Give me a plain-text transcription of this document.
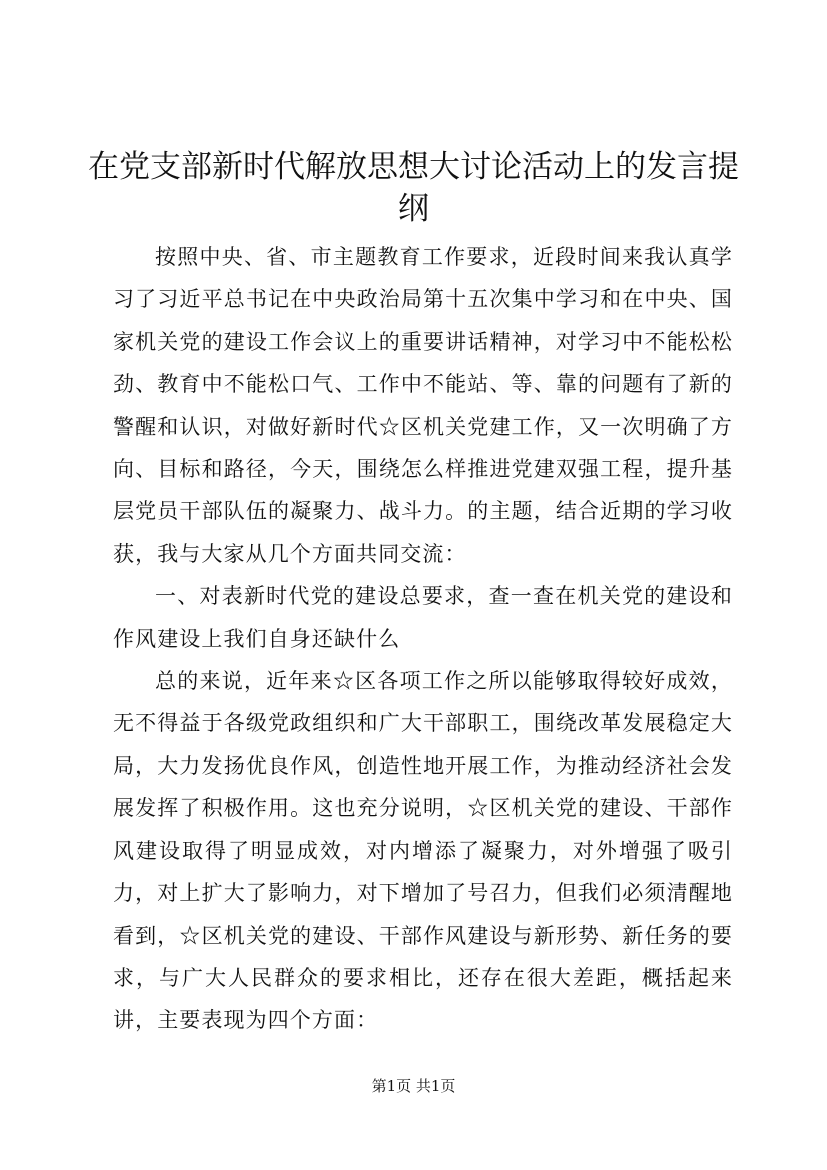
在党支部新时代解放思想大讨论活动上的发言提纲

按照中央、省、市主题教育工作要求，近段时间来我认真学习了习近平总书记在中央政治局第十五次集中学习和在中央、国家机关党的建设工作会议上的重要讲话精神，对学习中不能松松劲、教育中不能松口气、工作中不能站、等、靠的问题有了新的警醒和认识，对做好新时代☆区机关党建工作，又一次明确了方向、目标和路径，今天，围绕怎么样推进党建双强工程，提升基层党员干部队伍的凝聚力、战斗力。的主题，结合近期的学习收获，我与大家从几个方面共同交流：

一、对表新时代党的建设总要求，查一查在机关党的建设和作风建设上我们自身还缺什么

总的来说，近年来☆区各项工作之所以能够取得较好成效，无不得益于各级党政组织和广大干部职工，围绕改革发展稳定大局，大力发扬优良作风，创造性地开展工作，为推动经济社会发展发挥了积极作用。这也充分说明，☆区机关党的建设、干部作风建设取得了明显成效，对内增添了凝聚力，对外增强了吸引力，对上扩大了影响力，对下增加了号召力，但我们必须清醒地看到，☆区机关党的建设、干部作风建设与新形势、新任务的要求，与广大人民群众的要求相比，还存在很大差距，概括起来讲，主要表现为四个方面：

第1页 共1页
